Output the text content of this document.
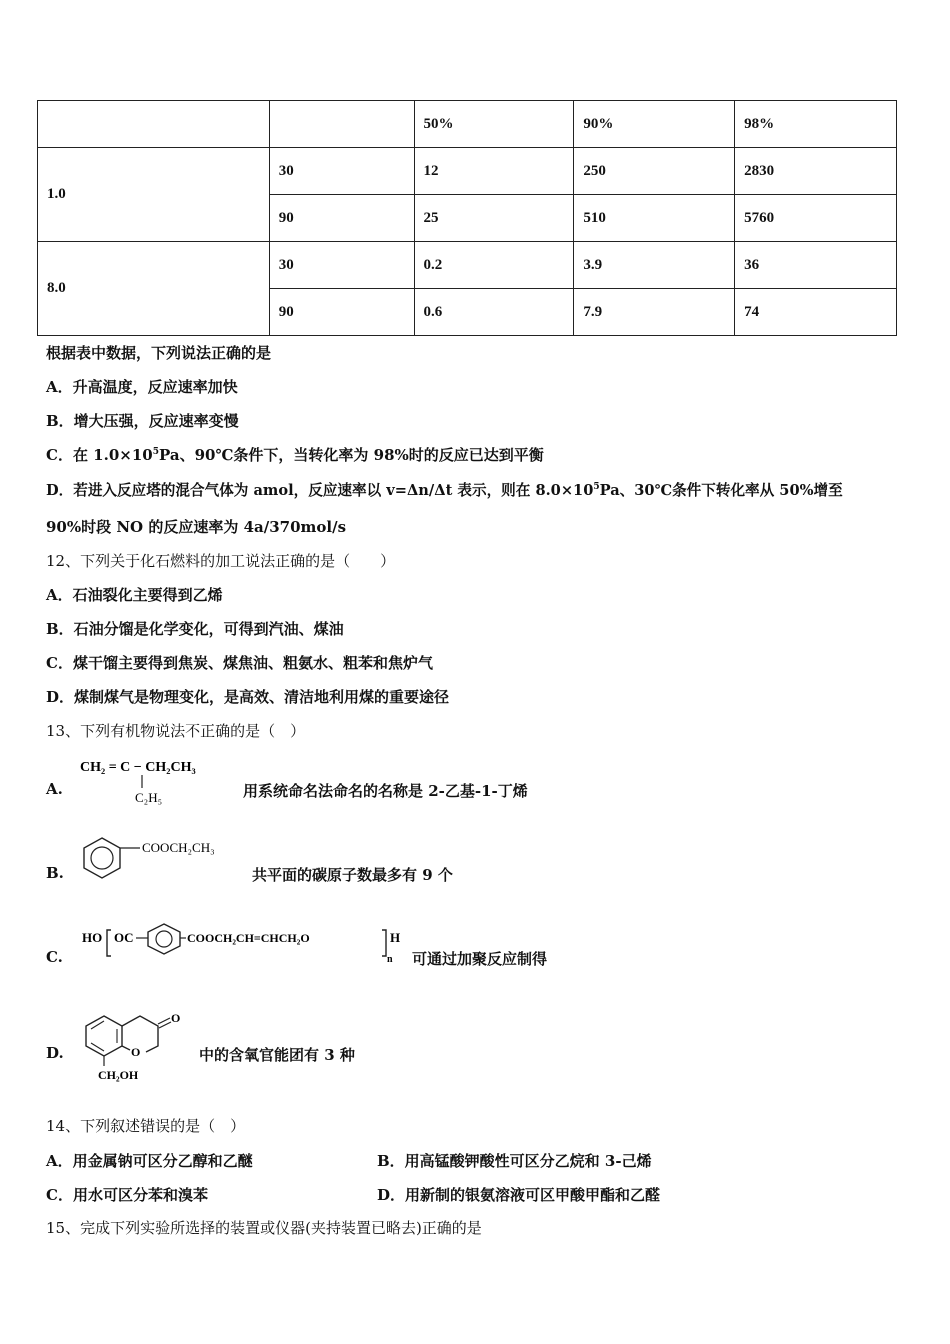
		50%	90%	98%
1.0	30	12	250	2830
	90	25	510	5760
8.0	30	0.2	3.9	36
	90	0.6	7.9	74
根据表中数据，下列说法正确的是
A．升高温度，反应速率加快
B．增大压强，反应速率变慢
C．在 $1.0\times 10^5Pa$、90℃条件下，当转化率为 98%时的反应已达到平衡
D．若进入反应塔的混合气体为 amol，反应速率以 v=Δn/Δt 表示，则在 $8.0\times 10^5Pa$、30℃条件下转化率从 50%增至
90%时段 NO 的反应速率为 4a/370mol/s
12、下列关于化石燃料的加工说法正确的是（　　）
A．石油裂化主要得到乙烯
B．石油分馏是化学变化，可得到汽油、煤油
C．煤干馏主要得到焦炭、煤焦油、粗氨水、粗苯和焦炉气
D．煤制煤气是物理变化，是高效、清洁地利用煤的重要途径
13、下列有机物说法不正确的是（　）
A.
CH₂ = C − CH₂CH₃
C₂H₅	用系统命名法命名的名称是 2-乙基-1-丁烯
B.
COOCH₂CH₃
共平面的碳原子数最多有 9 个
C.
HO OC	COOCH₂CH=CHCH₂O	H
n 可通过加聚反应制得
D.	O
O
CH₂OH
中的含氧官能团有 3 种
14、下列叙述错误的是（　）
A．用金属钠可区分乙醇和乙醚	B．用高锰酸钾酸性可区分乙烷和 3-己烯
C．用水可区分苯和溴苯	D．用新制的银氨溶液可区甲酸甲酯和乙醛
15、完成下列实验所选择的装置或仪器(夹持装置已略去)正确的是
